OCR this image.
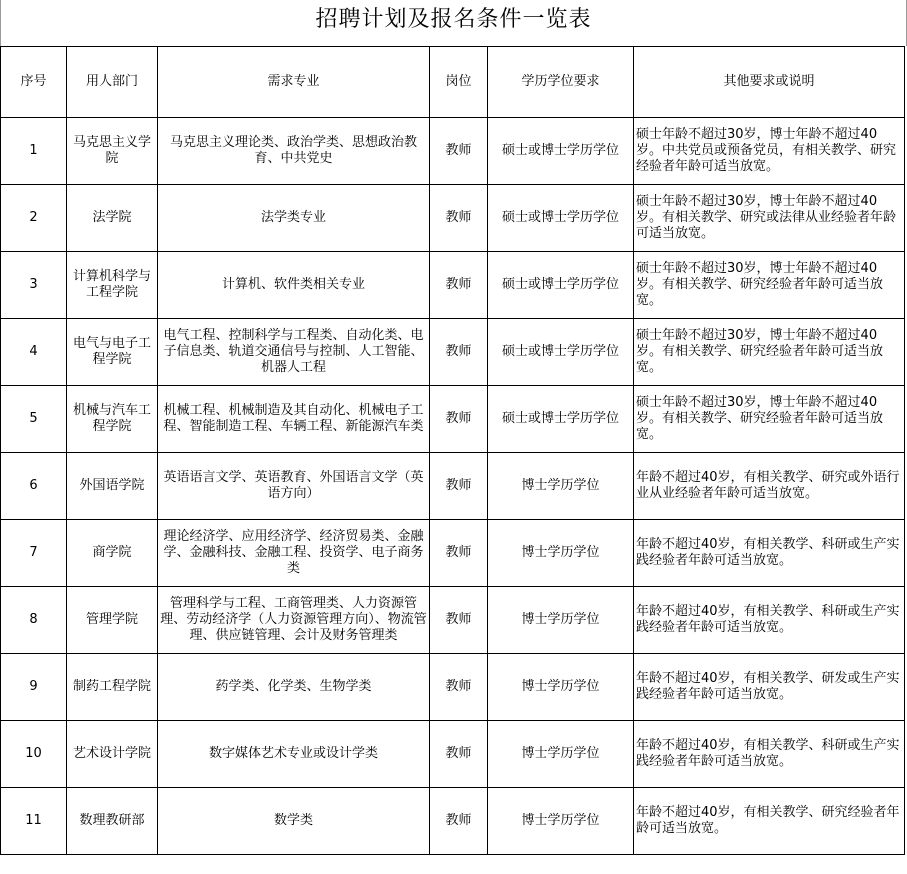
招聘计划及报名条件一览表
序号	用人部门	需求专业	岗位	学历学位要求	其他要求或说明
1	马克思主义学院	马克思主义理论类、政治学类、思想政治教育、中共党史	教师	硕士或博士学历学位	硕士年龄不超过30岁，博士年龄不超过40岁。中共党员或预备党员，有相关教学、研究经验者年龄可适当放宽。
2	法学院	法学类专业	教师	硕士或博士学历学位	硕士年龄不超过30岁，博士年龄不超过40岁。有相关教学、研究或法律从业经验者年龄可适当放宽。
3	计算机科学与工程学院	计算机、软件类相关专业	教师	硕士或博士学历学位	硕士年龄不超过30岁，博士年龄不超过40岁。有相关教学、研究经验者年龄可适当放宽。
4	电气与电子工程学院	电气工程、控制科学与工程类、自动化类、电子信息类、轨道交通信号与控制、人工智能、机器人工程	教师	硕士或博士学历学位	硕士年龄不超过30岁，博士年龄不超过40岁。有相关教学、研究经验者年龄可适当放宽。
5	机械与汽车工程学院	机械工程、机械制造及其自动化、机械电子工程、智能制造工程、车辆工程、新能源汽车类	教师	硕士或博士学历学位	硕士年龄不超过30岁，博士年龄不超过40岁。有相关教学、研究经验者年龄可适当放宽。
6	外国语学院	英语语言文学、英语教育、外国语言文学（英语方向）	教师	博士学历学位	年龄不超过40岁，有相关教学、研究或外语行业从业经验者年龄可适当放宽。
7	商学院	理论经济学、应用经济学、经济贸易类、金融学、金融科技、金融工程、投资学、电子商务类	教师	博士学历学位	年龄不超过40岁，有相关教学、科研或生产实践经验者年龄可适当放宽。
8	管理学院	管理科学与工程、工商管理类、人力资源管理、劳动经济学（人力资源管理方向）、物流管理、供应链管理、会计及财务管理类	教师	博士学历学位	年龄不超过40岁，有相关教学、科研或生产实践经验者年龄可适当放宽。
9	制药工程学院	药学类、化学类、生物学类	教师	博士学历学位	年龄不超过40岁，有相关教学、研发或生产实践经验者年龄可适当放宽。
10	艺术设计学院	数字媒体艺术专业或设计学类	教师	博士学历学位	年龄不超过40岁，有相关教学、科研或生产实践经验者年龄可适当放宽。
11	数理教研部	数学类	教师	博士学历学位	年龄不超过40岁，有相关教学、研究经验者年龄可适当放宽。
